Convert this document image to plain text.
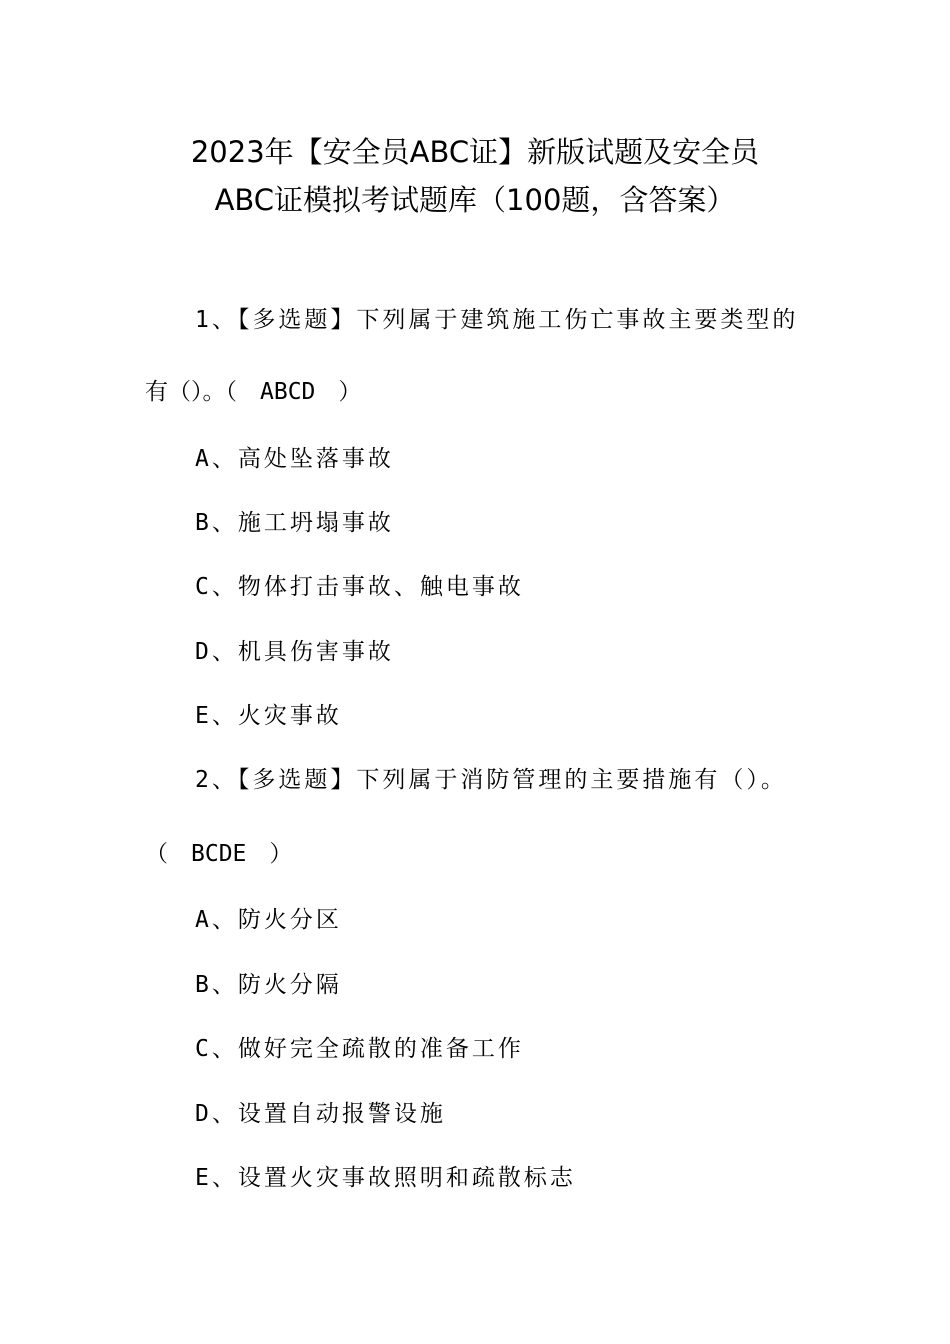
2023年【安全员ABC证】新版试题及安全员
ABC证模拟考试题库（100题，含答案）
1、【多选题】下列属于建筑施工伤亡事故主要类型的
有（）。（　ABCD　）
A、高处坠落事故
B、施工坍塌事故
C、物体打击事故、触电事故
D、机具伤害事故
E、火灾事故
2、【多选题】下列属于消防管理的主要措施有（）。
（　BCDE　）
A、防火分区
B、防火分隔
C、做好完全疏散的准备工作
D、设置自动报警设施
E、设置火灾事故照明和疏散标志
